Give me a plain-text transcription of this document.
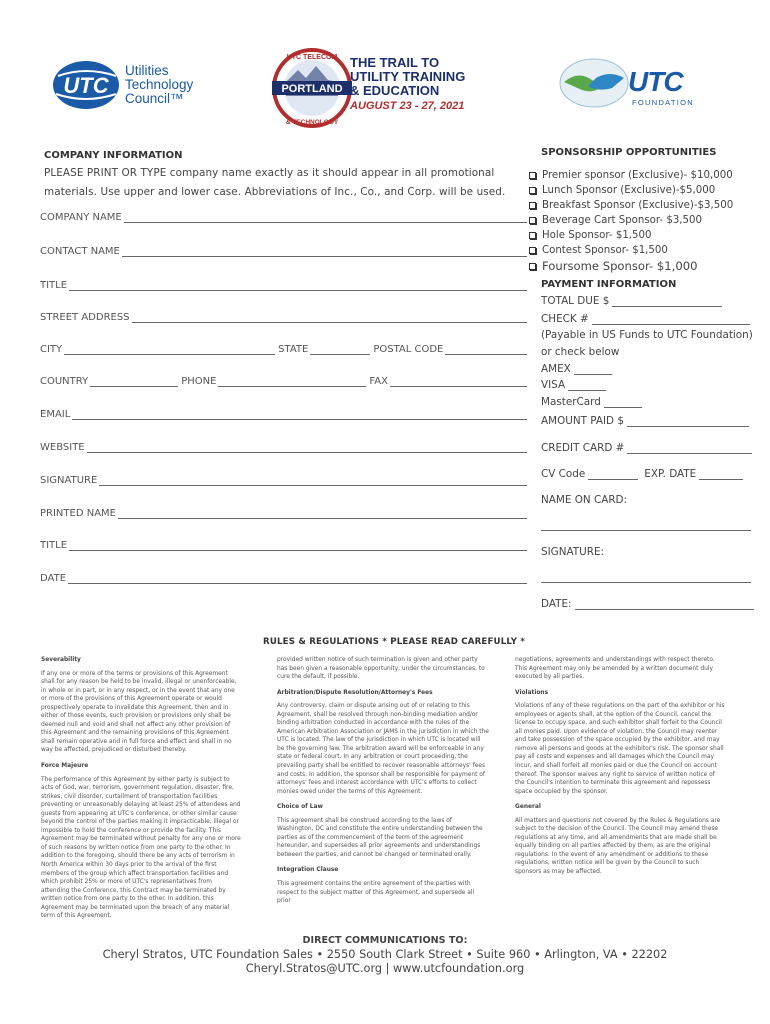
UTC
Utilities
Technology
Council™
PORTLAND
UTC TELECOM
& TECHNOLOGY
THE TRAIL TO
UTILITY TRAINING
& EDUCATION
AUGUST 23 - 27, 2021
UTC
FOUNDATION
COMPANY INFORMATION
PLEASE PRINT OR TYPE company name exactly as it should appear in all promotional
materials. Use upper and lower case. Abbreviations of Inc., Co., and Corp. will be used.
COMPANY NAME
CONTACT NAME
TITLE
STREET ADDRESS
CITY	STATE	POSTAL CODE
COUNTRY	PHONE	FAX
EMAIL
WEBSITE
SIGNATURE
PRINTED NAME
TITLE
DATE
SPONSORSHIP OPPORTUNITIES
Premier sponsor (Exclusive)- $10,000
Lunch Sponsor (Exclusive)-$5,000
Breakfast Sponsor (Exclusive)-$3,500
Beverage Cart Sponsor- $3,500
Hole Sponsor- $1,500
Contest Sponsor- $1,500
Foursome Sponsor- $1,000
PAYMENT INFORMATION
TOTAL DUE $
CHECK #
(Payable in US Funds to UTC Foundation)
or check below
AMEX
VISA
MasterCard
AMOUNT PAID $
CREDIT CARD #
CV Code	EXP. DATE
NAME ON CARD:
SIGNATURE:
DATE:
RULES & REGULATIONS * PLEASE READ CAREFULLY *
Severability

If any one or more of the terms or provisions of this Agreement shall for any reason be held to be invalid, illegal or unenforceable, in whole or in part, or in any respect, or in the event that any one or more of the provisions of this Agreement operate or would prospectively operate to invalidate this Agreement, then and in either of those events, such provision or provisions only shall be deemed null and void and shall not affect any other provision of this Agreement and the remaining provisions of this Agreement shall remain operative and in full force and effect and shall in no way be affected, prejudiced or disturbed thereby.

Force Majeure

The performance of this Agreement by either party is subject to acts of God, war, terrorism, government regulation, disaster, fire, strikes, civil disorder, curtailment of transportation facilities preventing or unreasonably delaying at least 25% of attendees and guests from appearing at UTC's conference, or other similar cause beyond the control of the parties making it impracticable, illegal or impossible to hold the conference or provide the facility. This Agreement may be terminated without penalty for any one or more of such reasons by written notice from one party to the other. In addition to the foregoing, should there be any acts of terrorism in North America within 30 days prior to the arrival of the first members of the group which affect transportation facilities and which prohibit 25% or more of UTC's representatives from attending the Conference, this Contract may be terminated by written notice from one party to the other. In addition, this Agreement may be terminated upon the breach of any material term of this Agreement,

provided written notice of such termination is given and other party has been given a reasonable opportunity, under the circumstances, to cure the default, if possible.

Arbitration/Dispute Resolution/Attorney's Fees

Any controversy, claim or dispute arising out of or relating to this Agreement, shall be resolved through non-binding mediation and/or binding arbitration conducted in accordance with the rules of the American Arbitration Association or JAMS in the jurisdiction in which the UTC is located. The law of the jurisdiction in which UTC is located will be the governing law. The arbitration award will be enforceable in any state or federal court. In any arbitration or court proceeding, the prevailing party shall be entitled to recover reasonable attorneys' fees and costs. In addition, the sponsor shall be responsible for payment of attorneys' fees and interest accordance with UTC's efforts to collect monies owed under the terms of this Agreement.

Choice of Law

This agreement shall be construed according to the laws of Washington, DC and constitute the entire understanding between the parties as of the commencement of the term of the agreement hereunder, and supersedes all prior agreements and understandings between the parties, and cannot be changed or terminated orally.

Integration Clause

This agreement contains the entire agreement of the parties with respect to the subject matter of this Agreement, and supersede all prior

negotiations, agreements and understandings with respect thereto. This Agreement may only be amended by a written document duly executed by all parties.

Violations

Violations of any of these regulations on the part of the exhibitor or his employees or agents shall, at the option of the Council, cancel the license to occupy space, and such exhibitor shall forfeit to the Council all monies paid. Upon evidence of violation, the Council may reenter and take possession of the space occupied by the exhibitor, and may remove all persons and goods at the exhibitor's risk. The sponsor shall pay all costs and expenses and all damages which the Council may incur, and shall forfeit all monies paid or due the Council on account thereof. The sponsor waives any right to service of written notice of the Council's intention to terminate this agreement and repossess space occupied by the sponsor.

General

All matters and questions not covered by the Rules & Regulations are subject to the decision of the Council. The Council may amend these regulations at any time, and all amendments that are made shall be equally binding on all parties affected by them, as are the original regulations. In the event of any amendment or additions to these regulations, written notice will be given by the Council to such sponsors as may be affected.

DIRECT COMMUNICATIONS TO:
Cheryl Stratos, UTC Foundation Sales • 2550 South Clark Street • Suite 960 • Arlington, VA • 22202
Cheryl.Stratos@UTC.org | www.utcfoundation.org
